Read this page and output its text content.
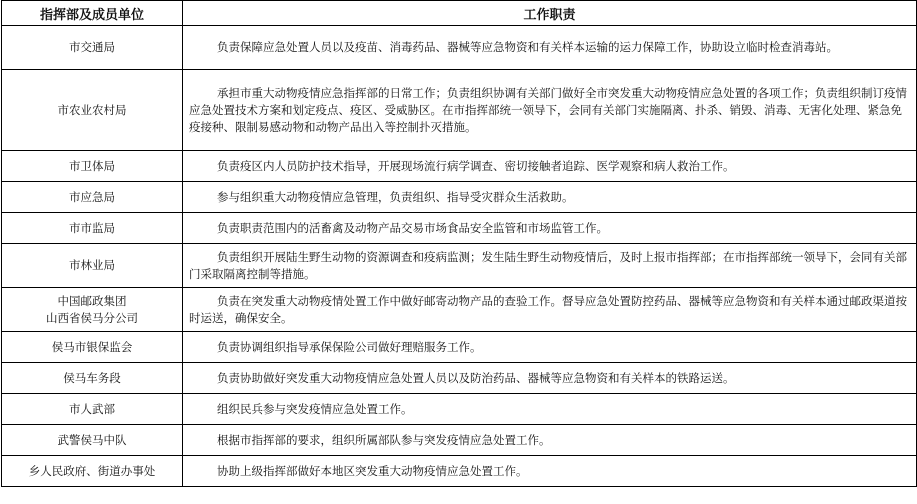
指挥部及成员单位	工作职责

市交通局	负责保障应急处置人员以及疫苗、消毒药品、器械等应急物资和有关样本运输的运力保障工作，协助设立临时检查消毒站。

市农业农村局	承担市重大动物疫情应急指挥部的日常工作；负责组织协调有关部门做好全市突发重大动物疫情应急处置的各项工作；负责组织制订疫情应急处置技术方案和划定疫点、疫区、受威胁区。在市指挥部统一领导下，会同有关部门实施隔离、扑杀、销毁、消毒、无害化处理、紧急免疫接种、限制易感动物和动物产品出入等控制扑灭措施。

市卫体局	负责疫区内人员防护技术指导，开展现场流行病学调查、密切接触者追踪、医学观察和病人救治工作。

市应急局	参与组织重大动物疫情应急管理，负责组织、指导受灾群众生活救助。

市市监局	负责职责范围内的活畜禽及动物产品交易市场食品安全监管和市场监管工作。

市林业局	负责组织开展陆生野生动物的资源调查和疫病监测；发生陆生野生动物疫情后，及时上报市指挥部；在市指挥部统一领导下，会同有关部门采取隔离控制等措施。

中国邮政集团
山西省侯马分公司	负责在突发重大动物疫情处置工作中做好邮寄动物产品的查验工作。督导应急处置防控药品、器械等应急物资和有关样本通过邮政渠道按时运送，确保安全。

侯马市银保监会	负责协调组织指导承保保险公司做好理赔服务工作。

侯马车务段	负责协助做好突发重大动物疫情应急处置人员以及防治药品、器械等应急物资和有关样本的铁路运送。

市人武部	组织民兵参与突发疫情应急处置工作。

武警侯马中队	根据市指挥部的要求，组织所属部队参与突发疫情应急处置工作。

乡人民政府、街道办事处	协助上级指挥部做好本地区突发重大动物疫情应急处置工作。
